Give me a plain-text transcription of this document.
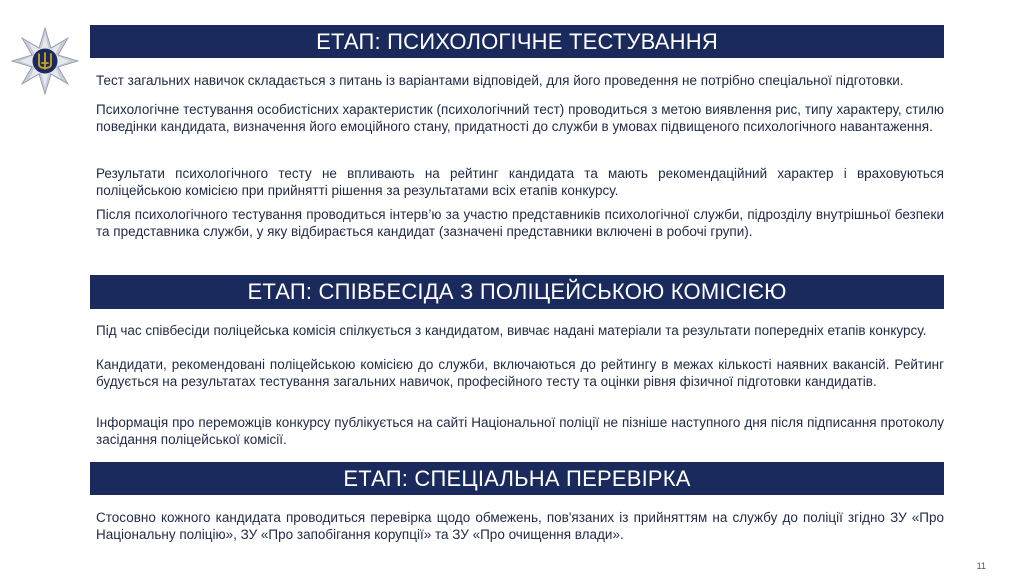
ЕТАП: ПСИХОЛОГІЧНЕ ТЕСТУВАННЯ
Тест загальних навичок складається з питань із варіантами відповідей, для його проведення не потрібно спеціальної підготовки.
Психологічне тестування особистісних характеристик (психологічний тест) проводиться з метою виявлення рис, типу характеру, стилю поведінки кандидата, визначення його емоційного стану, придатності до служби в умовах підвищеного психологічного навантаження.
Результати психологічного тесту не впливають на рейтинг кандидата та мають рекомендаційний характер і враховуються поліцейською комісією при прийнятті рішення за результатами всіх етапів конкурсу.
Після психологічного тестування проводиться інтерв’ю за участю представників психологічної служби, підрозділу внутрішньої безпеки та представника служби, у яку відбирається кандидат (зазначені представники включені в робочі групи).
ЕТАП: СПІВБЕСІДА З ПОЛІЦЕЙСЬКОЮ КОМІСІЄЮ
Під час співбесіди поліцейська комісія спілкується з кандидатом, вивчає надані матеріали та результати попередніх етапів конкурсу.
Кандидати, рекомендовані поліцейською комісією до служби, включаються до рейтингу в межах кількості наявних вакансій. Рейтинг будується на результатах тестування загальних навичок, професійного тесту та оцінки рівня фізичної підготовки кандидатів.
Інформація про переможців конкурсу публікується на сайті Національної поліції не пізніше наступного дня після підписання протоколу засідання поліцейської комісії.
ЕТАП: СПЕЦІАЛЬНА ПЕРЕВІРКА
Стосовно кожного кандидата проводиться перевірка щодо обмежень, пов'язаних із прийняттям на службу до поліції згідно ЗУ «Про Національну поліцію», ЗУ «Про запобігання корупції» та ЗУ «Про очищення влади».
11
